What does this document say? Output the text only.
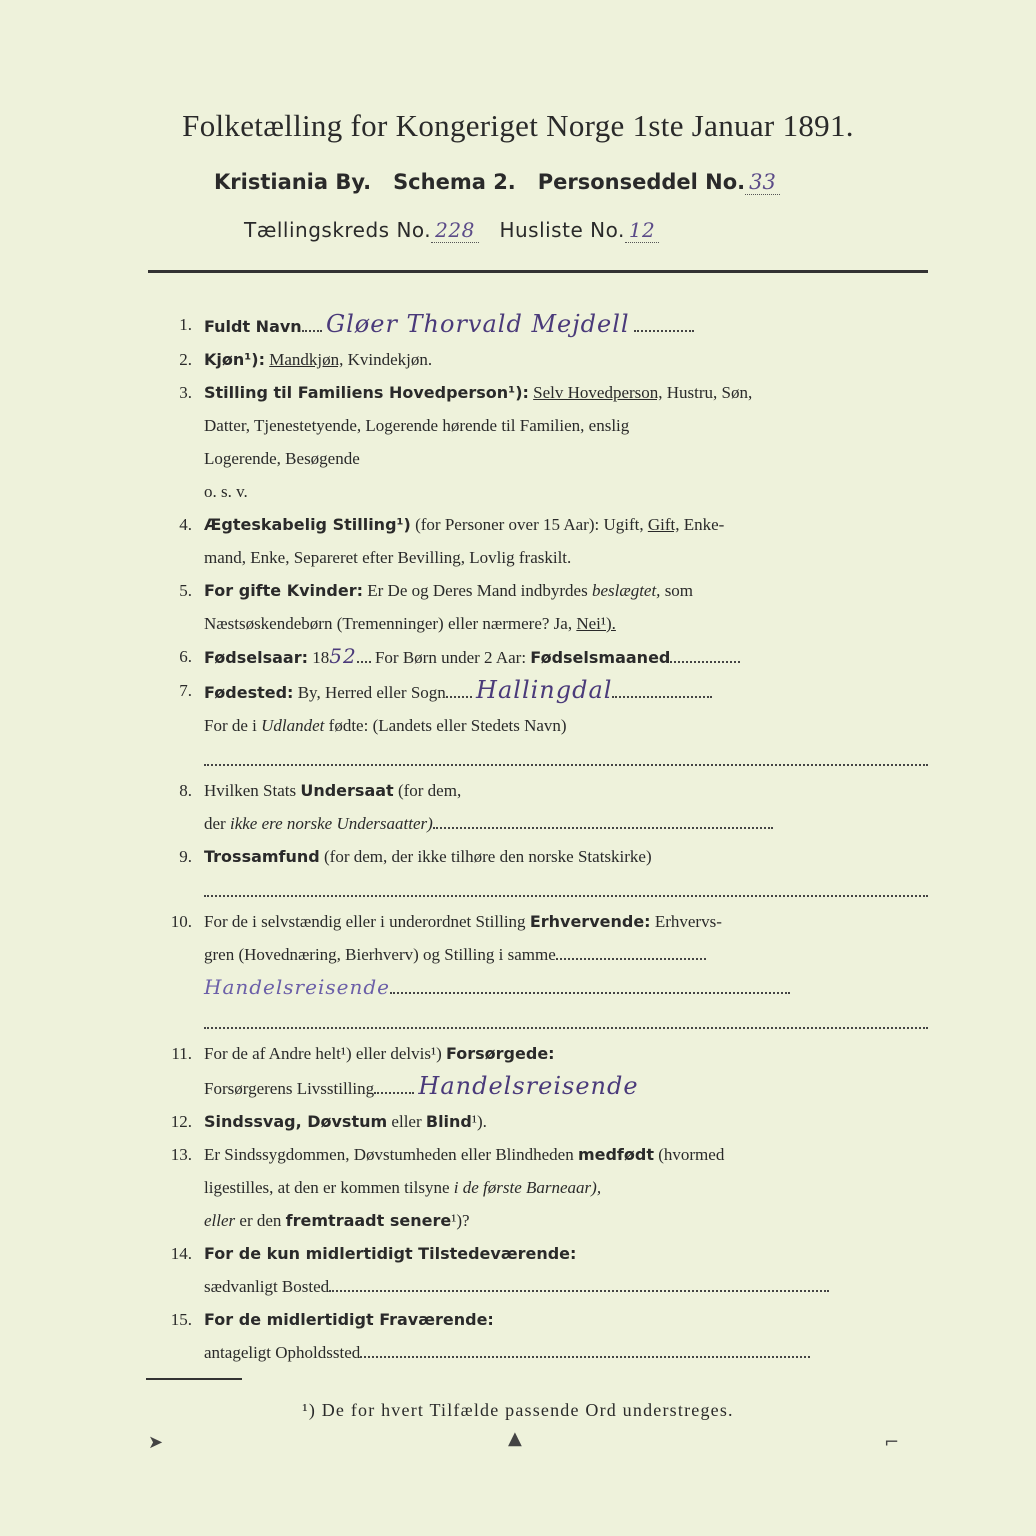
Folketælling for Kongeriget Norge 1ste Januar 1891.
Kristiania By. Schema 2. Personseddel No. 33
Tællingskreds No. 228 Husliste No. 12
1. Fuldt Navn Gløer Thorvald Mejdell
2. Kjøn¹): Mandkjøn, Kvindekjøn.
3. Stilling til Familiens Hovedperson¹): Selv Hovedperson, Hustru, Søn,
Datter, Tjenestetyende, Logerende hørende til Familien, enslig
Logerende, Besøgende
o. s. v.
4. Ægteskabelig Stilling¹) (for Personer over 15 Aar): Ugift, Gift, Enke-
mand, Enke, Separeret efter Bevilling, Lovlig fraskilt.
5. For gifte Kvinder: Er De og Deres Mand indbyrdes beslægtet, som
Næstsøskendebørn (Tremenninger) eller nærmere? Ja, Nei¹).
6. Fødselsaar: 1852 For Børn under 2 Aar: Fødselsmaaned
7. Fødested: By, Herred eller Sogn Hallingdal
For de i Udlandet fødte: (Landets eller Stedets Navn)
8. Hvilken Stats Undersaat (for dem,
der ikke ere norske Undersaatter)
9. Trossamfund (for dem, der ikke tilhøre den norske Statskirke)
10. For de i selvstændig eller i underordnet Stilling Erhvervende: Erhvervs-
gren (Hovednæring, Bierhverv) og Stilling i samme
Handelsreisende
11. For de af Andre helt¹) eller delvis¹) Forsørgede:
Forsørgerens Livsstilling Handelsreisende
12. Sindssvag, Døvstum eller Blind¹).
13. Er Sindssygdommen, Døvstumheden eller Blindheden medfødt (hvormed
ligestilles, at den er kommen tilsyne i de første Barneaar),
eller er den fremtraadt senere¹)?
14. For de kun midlertidigt Tilstedeværende:
sædvanligt Bosted
15. For de midlertidigt Fraværende:
antageligt Opholdssted
¹) De for hvert Tilfælde passende Ord understreges.
➤	▲	⌐
